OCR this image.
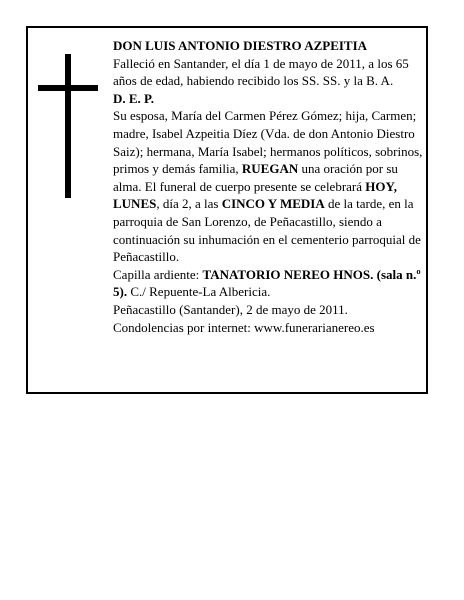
DON LUIS ANTONIO DIESTRO AZPEITIA

Falleció en Santander, el día 1 de mayo de 2011, a los 65 años de edad, habiendo recibido los SS. SS. y la B. A.

D. E. P.

Su esposa, María del Carmen Pérez Gómez; hija, Carmen; madre, Isabel Azpeitia Díez (Vda. de don Antonio Diestro Saiz); hermana, María Isabel; hermanos políticos, sobrinos, primos y demás familia, RUEGAN una oración por su alma. El funeral de cuerpo presente se celebrará HOY, LUNES, día 2, a las CINCO Y MEDIA de la tarde, en la parroquia de San Lorenzo, de Peñacastillo, siendo a continuación su inhumación en el cementerio parroquial de Peñacastillo.

Capilla ardiente: TANATORIO NEREO HNOS. (sala n.º 5). C./ Repuente-La Albericia.

Peñacastillo (Santander), 2 de mayo de 2011.

Condolencias por internet: www.funerarianereo.es
